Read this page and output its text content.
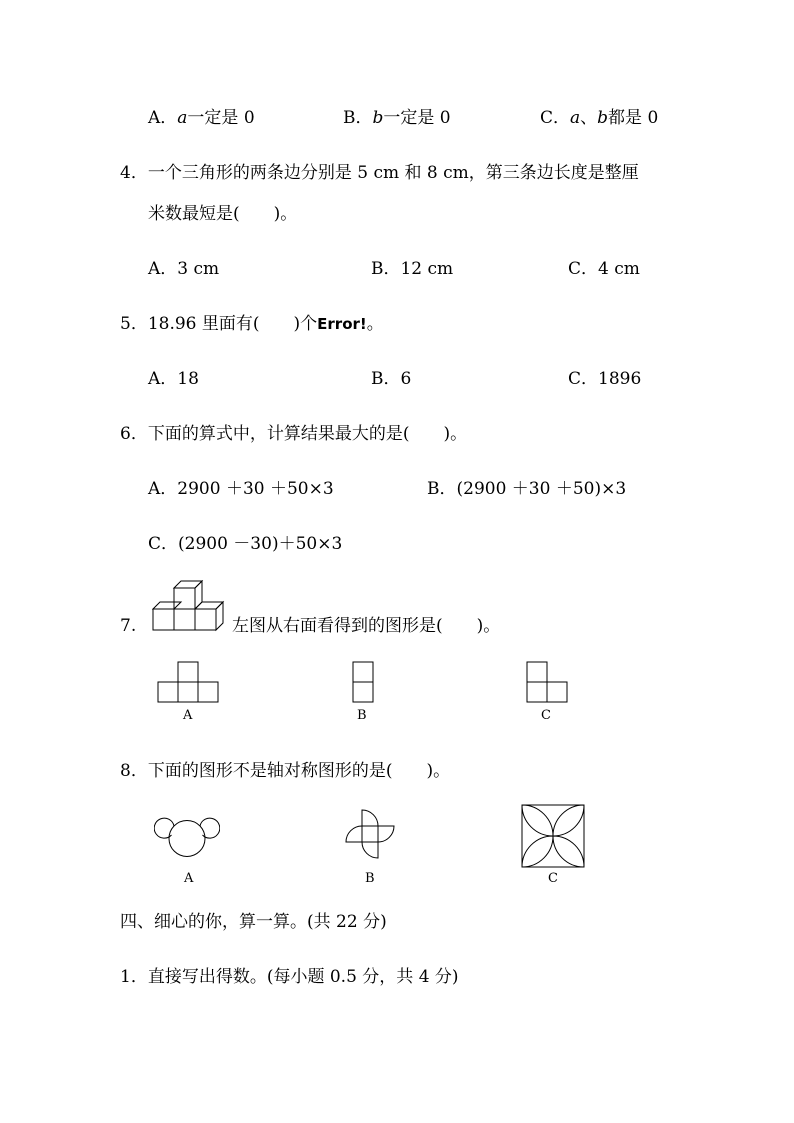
A．a一定是 0	B．b一定是 0	C．a、b都是 0
4．一个三角形的两条边分别是 5 cm 和 8 cm，第三条边长度是整厘
米数最短是(　　)。
A．3 cm	B．12 cm	C．4 cm
5．18.96 里面有(　　)个Error!。
A．18	B．6	C．1896
6．下面的算式中，计算结果最大的是(　　)。
A．2900 ＋30 ＋50×3	B．(2900 ＋30 ＋50)×3
C．(2900 －30)＋50×3
7.	左图从右面看得到的图形是(　　)。
A	B	C
8．下面的图形不是轴对称图形的是(　　)。
A	B	C
四、细心的你，算一算。(共 22 分)
1．直接写出得数。(每小题 0.5 分，共 4 分)
